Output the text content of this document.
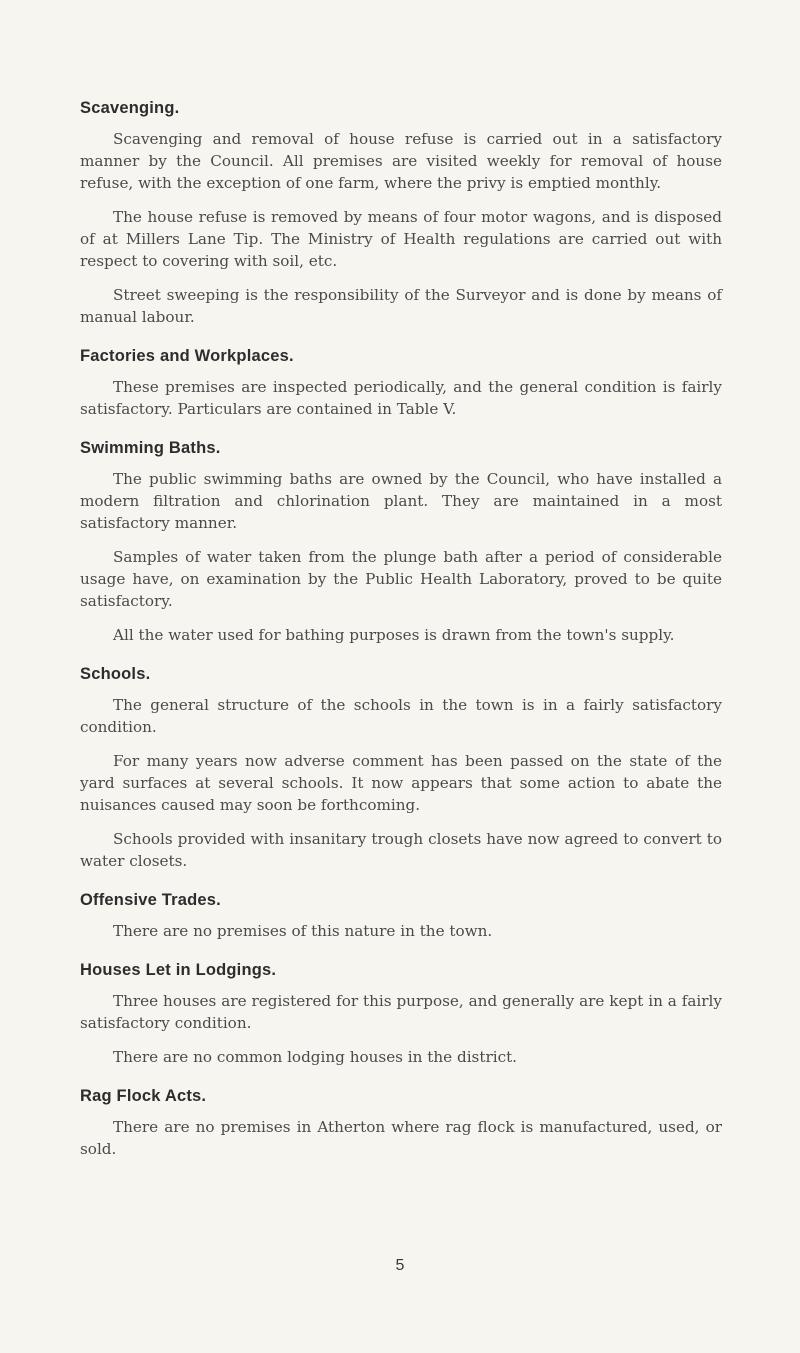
Scavenging.

Scavenging and removal of house refuse is carried out in a satisfactory manner by the Council. All premises are visited weekly for removal of house refuse, with the exception of one farm, where the privy is emptied monthly.

The house refuse is removed by means of four motor wagons, and is disposed of at Millers Lane Tip. The Ministry of Health regulations are carried out with respect to covering with soil, etc.

Street sweeping is the responsibility of the Surveyor and is done by means of manual labour.

Factories and Workplaces.

These premises are inspected periodically, and the general condition is fairly satisfactory. Particulars are contained in Table V.

Swimming Baths.

The public swimming baths are owned by the Council, who have installed a modern filtration and chlorination plant. They are maintained in a most satisfactory manner.

Samples of water taken from the plunge bath after a period of considerable usage have, on examination by the Public Health Laboratory, proved to be quite satisfactory.

All the water used for bathing purposes is drawn from the town's supply.

Schools.

The general structure of the schools in the town is in a fairly satisfactory condition.

For many years now adverse comment has been passed on the state of the yard surfaces at several schools. It now appears that some action to abate the nuisances caused may soon be forthcoming.

Schools provided with insanitary trough closets have now agreed to convert to water closets.

Offensive Trades.

There are no premises of this nature in the town.

Houses Let in Lodgings.

Three houses are registered for this purpose, and generally are kept in a fairly satisfactory condition.

There are no common lodging houses in the district.

Rag Flock Acts.

There are no premises in Atherton where rag flock is manufactured, used, or sold.

5
